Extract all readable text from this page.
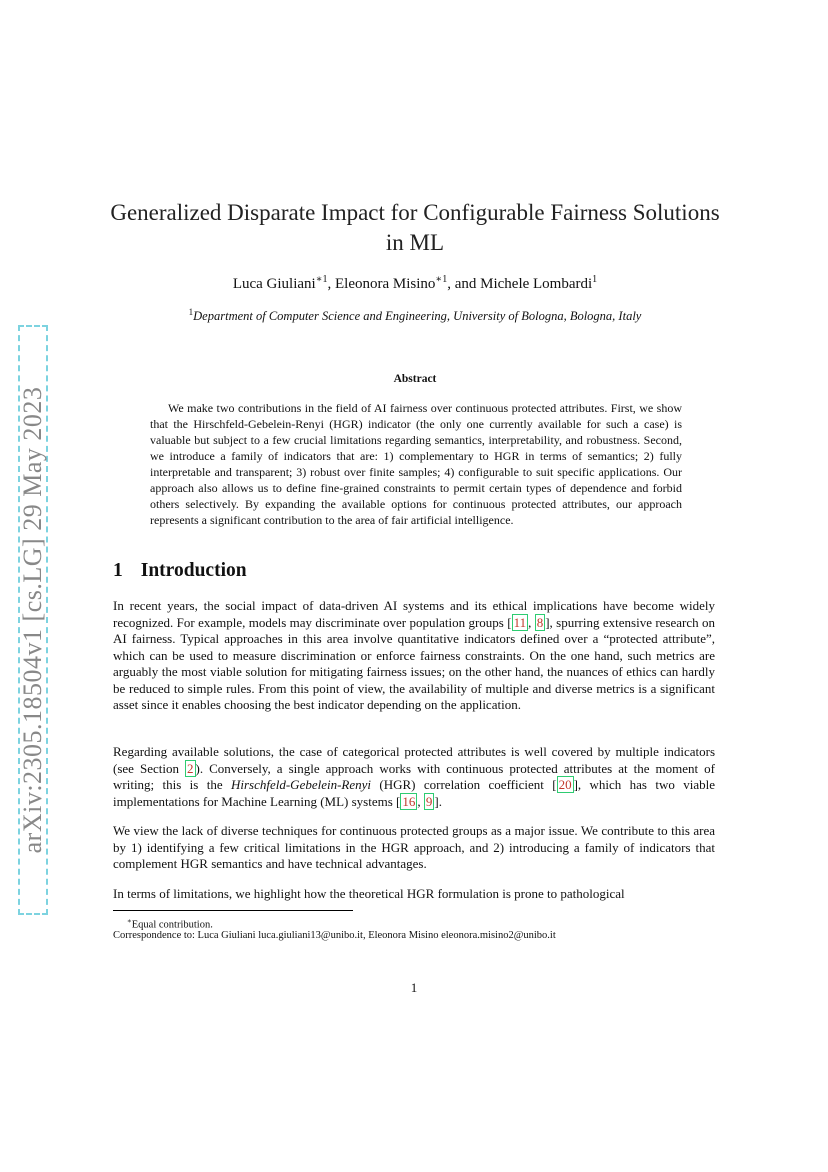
arXiv:2305.18504v1 [cs.LG] 29 May 2023
Generalized Disparate Impact for Configurable Fairness Solutions in ML
Luca Giuliani$^{∗1}$, Eleonora Misino$^{∗1}$, and Michele Lombardi$^1$
$^1$Department of Computer Science and Engineering, University of Bologna, Bologna, Italy
Abstract
We make two contributions in the field of AI fairness over continuous protected attributes. First, we show that the Hirschfeld-Gebelein-Renyi (HGR) indicator (the only one currently available for such a case) is valuable but subject to a few crucial limitations regarding semantics, interpretability, and robustness. Second, we introduce a family of indicators that are: 1) complementary to HGR in terms of semantics; 2) fully interpretable and transparent; 3) robust over finite samples; 4) configurable to suit specific applications. Our approach also allows us to define fine-grained constraints to permit certain types of dependence and forbid others selectively. By expanding the available options for continuous protected attributes, our approach represents a significant contribution to the area of fair artificial intelligence.
1 Introduction
In recent years, the social impact of data-driven AI systems and its ethical implications have become widely recognized. For example, models may discriminate over population groups [ 11 , 8 ], spurring extensive research on AI fairness. Typical approaches in this area involve quantitative indicators defined over a “protected attribute”, which can be used to measure discrimination or enforce fairness constraints. On the one hand, such metrics are arguably the most viable solution for mitigating fairness issues; on the other hand, the nuances of ethics can hardly be reduced to simple rules. From this point of view, the availability of multiple and diverse metrics is a significant asset since it enables choosing the best indicator depending on the application.
Regarding available solutions, the case of categorical protected attributes is well covered by multiple indicators (see Section 2 ). Conversely, a single approach works with continuous protected attributes at the moment of writing; this is the Hirschfeld-Gebelein-Renyi (HGR) correlation coefficient [ 20 ], which has two viable implementations for Machine Learning (ML) systems [ 16 , 9 ].
We view the lack of diverse techniques for continuous protected groups as a major issue. We contribute to this area by 1) identifying a few critical limitations in the HGR approach, and 2) introducing a family of indicators that complement HGR semantics and have technical advantages.
In terms of limitations, we highlight how the theoretical HGR formulation is prone to pathological
∗Equal contribution.
Correspondence to: Luca Giuliani luca.giuliani13@unibo.it, Eleonora Misino eleonora.misino2@unibo.it
1
